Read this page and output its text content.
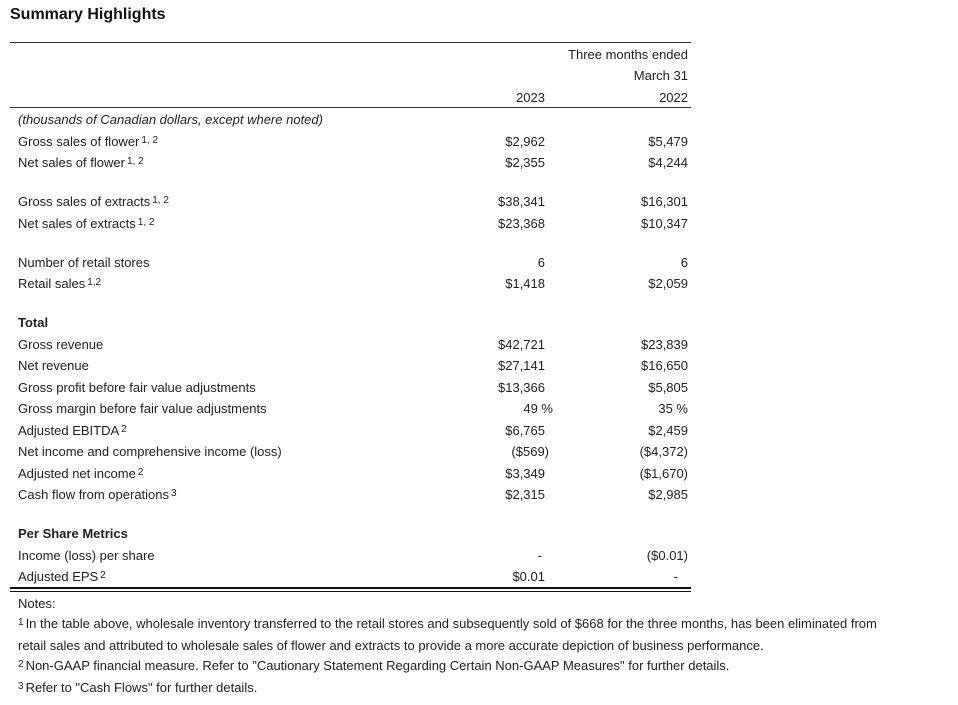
Summary Highlights
Three months ended
March 31
2023	2022
(thousands of Canadian dollars, except where noted)
Gross sales of flower $^{1, 2}$	$2,962	$5,479
Net sales of flower $^{1, 2}$	$2,355	$4,244
Gross sales of extracts $^{1, 2}$	$38,341	$16,301
Net sales of extracts $^{1, 2}$	$23,368	$10,347
Number of retail stores	6	6
Retail sales $^{1,2}$	$1,418	$2,059
Total
Gross revenue	$42,721	$23,839
Net revenue	$27,141	$16,650
Gross profit before fair value adjustments	$13,366	$5,805
Gross margin before fair value adjustments	49 %	35 %
Adjusted EBITDA $^2$	$6,765	$2,459
Net income and comprehensive income (loss)	($569)	($4,372)
Adjusted net income $^2$	$3,349	($1,670)
Cash flow from operations $^3$	$2,315	$2,985
Per Share Metrics
Income (loss) per share	-	($0.01)
Adjusted EPS $^2$	$0.01	-
Notes:
$^1$ In the table above, wholesale inventory transferred to the retail stores and subsequently sold of $668 for the three months, has been eliminated from
retail sales and attributed to wholesale sales of flower and extracts to provide a more accurate depiction of business performance.
$^2$ Non-GAAP financial measure. Refer to "Cautionary Statement Regarding Certain Non-GAAP Measures" for further details.
$^3$ Refer to "Cash Flows" for further details.
